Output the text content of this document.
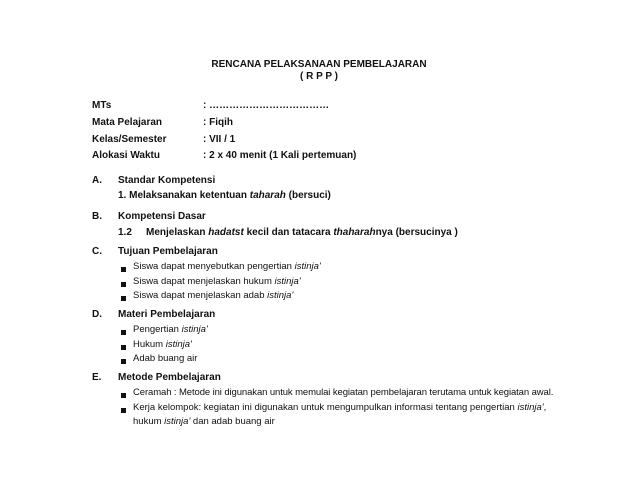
RENCANA PELAKSANAAN PEMBELAJARAN
( R P P )
MTs	: ………………………………
Mata Pelajaran	: Fiqih
Kelas/Semester	: VII / 1
Alokasi Waktu	: 2 x 40 menit (1 Kali pertemuan)
A. Standar Kompetensi
1. Melaksanakan ketentuan taharah (bersuci)
B. Kompetensi Dasar
1.2 Menjelaskan hadatst kecil dan tatacara thaharahnya (bersucinya )
C. Tujuan Pembelajaran
Siswa dapat menyebutkan pengertian istinja'
Siswa dapat menjelaskan hukum istinja'
Siswa dapat menjelaskan adab istinja'
D. Materi Pembelajaran
Pengertian istinja'
Hukum istinja'
Adab buang air
E. Metode Pembelajaran
Ceramah : Metode ini digunakan untuk memulai kegiatan pembelajaran terutama untuk kegiatan awal.
Kerja kelompok: kegiatan ini digunakan untuk mengumpulkan informasi tentang pengertian istinja',
hukum istinja' dan adab buang air
